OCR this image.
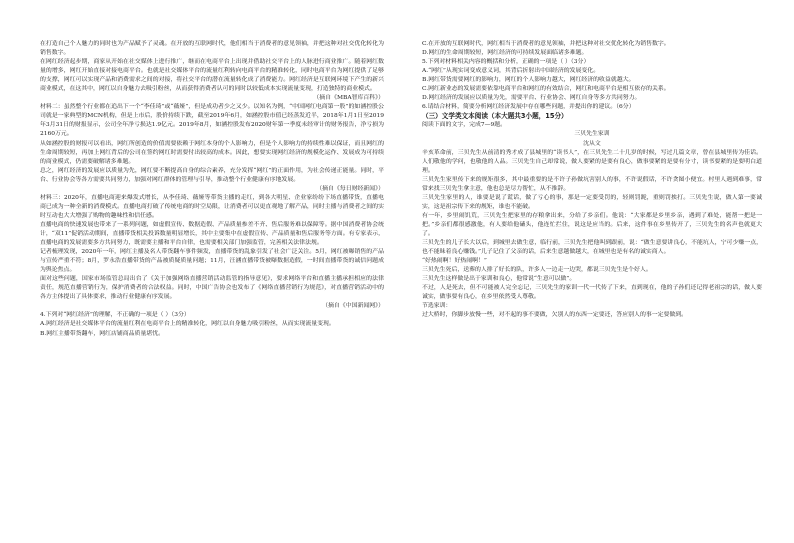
在打造自己个人魅力的同时也为产品赋予了灵魂。在开放的互联网时代，他们相当于消费者的意见领袖，并把这种对社交优化转化为销售数字。

在网红经济起步期，商家从开始在社交媒体上进行推广，继而在电商平台上出现并借助社交平台上的人脉进行商业推广。随着网红数量的增多，网红开始直接对接电商平台。也就是社交媒体平台的流量红利转向电商平台的精准转化，同时电商平台为网红提供了足够的支撑，网红可以实现产品和消费需求之间的对接，将社交平台的潜在流量转化成了消费能力。网红经济是互联网环境下产生的新兴商业模式，在这其中，网红以自身魅力去吸引粉丝，从而获得消费者认可的同时以较低成本实现流量变现，打造独特的商业模式。

（摘自《MBA智库百科》）

材料二：虽然整个行业都在追出下一个“李佳琦”或“薇娅”，但是成功者少之又少。以知名为例，“中国网红电商第一股”的如涵控股公司就是一家典型的MCN机构，但是上市后，股价持续下跌，截至2019年6月，如涵控股市值已经蒸发近半，2018年1月1日至2019年3月31日的财报显示，公司全年净亏损达1.9亿元。2019年8月，如涵控股发布2020财年第一季度未经审计的财务报告，净亏损为2160万元。

从如涵控股的财报可以看出，网红所创造的价值需要依赖于网红本身的个人影响力，但是个人影响力的持续性难以保证，而且网红的生命周期较短，再加上网红背后的公司在签约网红时需要付出较高的成本。因此，想要实现网红经济的规模化运作、发展成为可持续的商业模式，仍需要破解诸多难题。

总之，网红经济的发展应以质量为先，网红要不断提高自身的综合素养，充分发挥“网红”的正面作用，为社会传递正能量。同时，平台、行业协会等各方需要共同努力，加强对网红群体的管理与引导，推动整个行业健康有序地发展。

（摘自《每日财经新闻》）

材料三：2020年，直播电商迎来爆发式增长，从李佳琦、薇娅等带货主播的走红，到各大明星、企业家纷纷下场直播带货，直播电商已成为一种全新的消费模式。直播电商打破了传统电商的时空局限，让消费者可以更直观地了解产品，同时主播与消费者之间的实时互动也大大增强了购物的趣味性和信任感。

直播电商的快速发展也带来了一系列问题，如虚假宣传、数据造假、产品质量参差不齐、售后服务难以保障等。据中国消费者协会统计，“双11”促销活动期间，直播带货相关投诉数量明显增长，其中主要集中在虚假宣传、产品质量和售后服务等方面。有专家表示，直播电商的发展需要多方共同努力，既需要主播和平台自律，也需要相关部门加强监管，完善相关法律法规。

记者梳理发现，2020年一年，网红主播及名人带货翻车事件频发，直播带货的乱象引发了社会广泛关注。5月，网红被曝销售的产品与宣传严重不符；8月，罗永浩直播带货的产品被质疑质量问题；11月，汪涵直播带货被曝数据造假，一时间直播带货的诚信问题成为舆论焦点。

面对这些问题，国家市场监管总局出台了《关于加强网络直播营销活动监管的指导意见》，要求网络平台和直播主播承担相应的法律责任，规范直播营销行为，保护消费者的合法权益。同时，中国广告协会也发布了《网络直播营销行为规范》，对直播营销活动中的各方主体提出了具体要求，推动行业健康有序发展。

（摘自《中国新闻网》）

4.下列对“网红经济”的理解，不正确的一项是（ ）（3分）

A.网红经济是社交媒体平台的流量红利在电商平台上的精准转化，网红以自身魅力吸引粉丝，从而实现流量变现。
B.网红主播带货翻车，网红店铺商品质量堪忧。
C.在开放的互联网时代，网红相当于消费者的意见领袖，并把这种对社交优化转化为销售数字。
D.网红的生命周期较短，网红经济的可持续发展面临诸多难题。

5.下列对材料相关内容的概括和分析，正确的一项是（ ）（3分）

A.“网红”从现实词变成意义词，其背后折射出中国经济的发展变化。
B.网红带货需要网红的影响力，网红的个人影响力越大，网红经济的收益就越大。
C.网红新业态的发展需要依靠电商平台和网红的有效结合，网红和电商平台是相互依存的关系。
D.网红经济的发展应以质量为先，需要平台、行业协会、网红自身等多方共同努力。

6.请结合材料，简要分析网红经济发展中存在哪些问题，并提出你的建议。（6分）

（三）文学类文本阅读（本大题共3小题，15分）

阅读下面的文字，完成7—9题。

三贝先生家训

沈从文

辛亥革命前，三贝先生从前清的秀才成了县城里的“读书人”，在三贝先生二十几岁的时候，写过几篇文章，曾在县城里传为佳话。人们敬他的学问，也敬他的人品。三贝先生自己却常说，做人要紧的是要有良心，做事要紧的是要有分寸，读书要紧的是要明白道理。

三贝先生家里传下来的规矩很多，其中最重要的是不许子孙做坑害别人的事，不许说假话，不许贪图小便宜。村里人遇到难事，常常来找三贝先生拿主意，他也总是尽力帮忙，从不推辞。

三贝先生家里的人，谁要是说了谎话，做了亏心的事，那是一定要受罚的，轻则罚跪，重则罚挨打。三贝先生说，做人第一要诚实，这是祖宗传下来的规矩，谁也不能破。

有一年，乡里闹饥荒，三贝先生把家里的存粮拿出来，分给了乡亲们。他说：“大家都是乡里乡亲，遇到了难处，能帮一把是一把。”乡亲们都很感激他，有人要给他磕头，他连忙拦住，说这是应当的。后来，这件事在乡里传开了，三贝先生的名声也就更大了。

三贝先生的儿子长大以后，到城里去做生意，临行前，三贝先生把他叫到跟前，说：“做生意要讲良心，不能坑人，宁可少赚一点，也不能昧着良心赚钱。”儿子记住了父亲的话，后来生意越做越大，在城里也是有名的诚实商人。

“好热闹啊！好热闹啊！”

三贝先生死后，送葬的人排了好长的队，许多人一边走一边哭，都说三贝先生是个好人。

三贝先生这样做是出于家训和良心，他常说“生意可以做”。

不过，人是死去，但不可能被人完全忘记，三贝先生的家训一代一代传了下来，直到现在，他的子孙们还记得老祖宗的话，做人要诚实，做事要有良心，在乡里依然受人尊敬。

节选家训：

过大桥时，你脚步放慢一些，对不起的事不要做，欠别人的东西一定要还，答应别人的事一定要做到。
